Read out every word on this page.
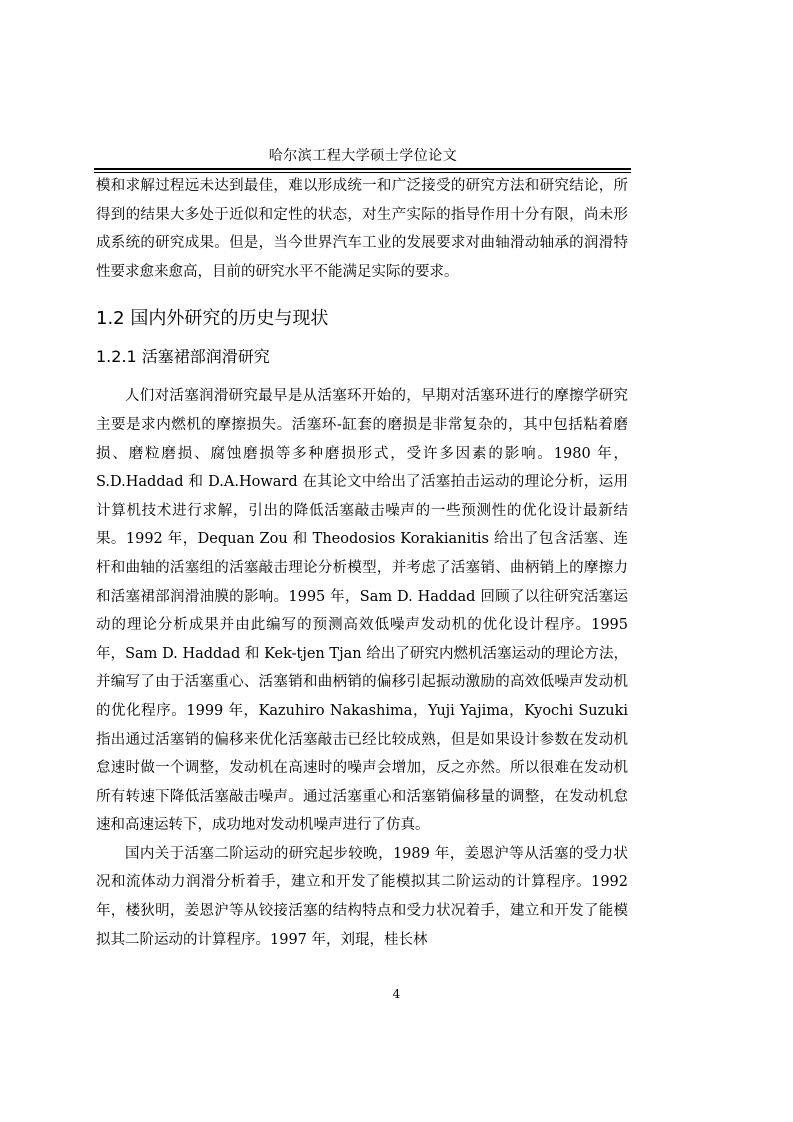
哈尔滨工程大学硕士学位论文

模和求解过程远未达到最佳，难以形成统一和广泛接受的研究方法和研究结论，所得到的结果大多处于近似和定性的状态，对生产实际的指导作用十分有限，尚未形成系统的研究成果。但是，当今世界汽车工业的发展要求对曲轴滑动轴承的润滑特性要求愈来愈高，目前的研究水平不能满足实际的要求。

1.2 国内外研究的历史与现状
1.2.1 活塞裙部润滑研究

人们对活塞润滑研究最早是从活塞环开始的，早期对活塞环进行的摩擦学研究主要是求内燃机的摩擦损失。活塞环-缸套的磨损是非常复杂的，其中包括粘着磨损、磨粒磨损、腐蚀磨损等多种磨损形式，受许多因素的影响。1980 年，S.D.Haddad 和 D.A.Howard 在其论文中给出了活塞拍击运动的理论分析，运用计算机技术进行求解，引出的降低活塞敲击噪声的一些预测性的优化设计最新结果。1992 年，Dequan Zou 和 Theodosios Korakianitis 给出了包含活塞、连杆和曲轴的活塞组的活塞敲击理论分析模型，并考虑了活塞销、曲柄销上的摩擦力和活塞裙部润滑油膜的影响。1995 年，Sam D. Haddad 回顾了以往研究活塞运动的理论分析成果并由此编写的预测高效低噪声发动机的优化设计程序。1995 年，Sam D. Haddad 和 Kek-tjen Tjan 给出了研究内燃机活塞运动的理论方法，并编写了由于活塞重心、活塞销和曲柄销的偏移引起振动激励的高效低噪声发动机的优化程序。1999 年，Kazuhiro Nakashima，Yuji Yajima，Kyochi Suzuki 指出通过活塞销的偏移来优化活塞敲击已经比较成熟，但是如果设计参数在发动机怠速时做一个调整，发动机在高速时的噪声会增加，反之亦然。所以很难在发动机所有转速下降低活塞敲击噪声。通过活塞重心和活塞销偏移量的调整，在发动机怠速和高速运转下，成功地对发动机噪声进行了仿真。

国内关于活塞二阶运动的研究起步较晚，1989 年，姜恩沪等从活塞的受力状况和流体动力润滑分析着手，建立和开发了能模拟其二阶运动的计算程序。1992 年，楼狄明，姜恩沪等从铰接活塞的结构特点和受力状况着手，建立和开发了能模拟其二阶运动的计算程序。1997 年，刘琨，桂长林

4
